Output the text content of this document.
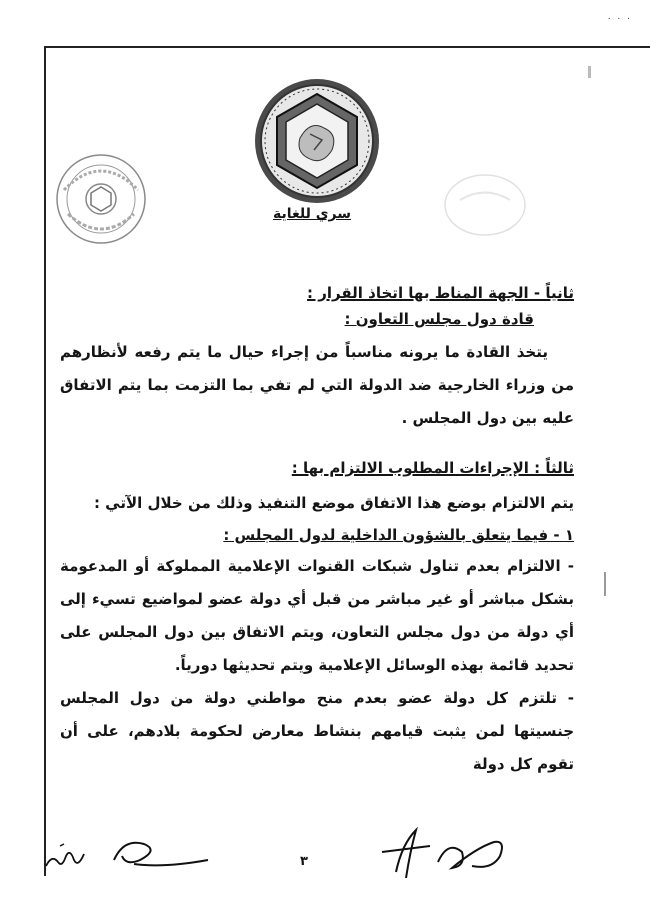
. . .
سري للغاية

ثانياً - الجهة المناط بها اتخاذ القرار :

قادة دول مجلس التعاون :

يتخذ القادة ما يرونه مناسباً من إجراء حيال ما يتم رفعه لأنظارهم من وزراء الخارجية ضد الدولة التي لم تفي بما التزمت بما يتم الاتفاق عليه بين دول المجلس .

ثالثاً : الإجراءات المطلوب الالتزام بها :

يتم الالتزام بوضع هذا الاتفاق موضع التنفيذ وذلك من خلال الآتي :

١ - فيما يتعلق بالشؤون الداخلية لدول المجلس :

- الالتزام بعدم تناول شبكات القنوات الإعلامية المملوكة أو المدعومة بشكل مباشر أو غير مباشر من قبل أي دولة عضو لمواضيع تسيء إلى أي دولة من دول مجلس التعاون، ويتم الاتفاق بين دول المجلس على تحديد قائمة بهذه الوسائل الإعلامية ويتم تحديثها دورياً.

- تلتزم كل دولة عضو بعدم منح مواطني دولة من دول المجلس جنسيتها لمن يثبت قيامهم بنشاط معارض لحكومة بلادهم، على أن تقوم كل دولة

٣
